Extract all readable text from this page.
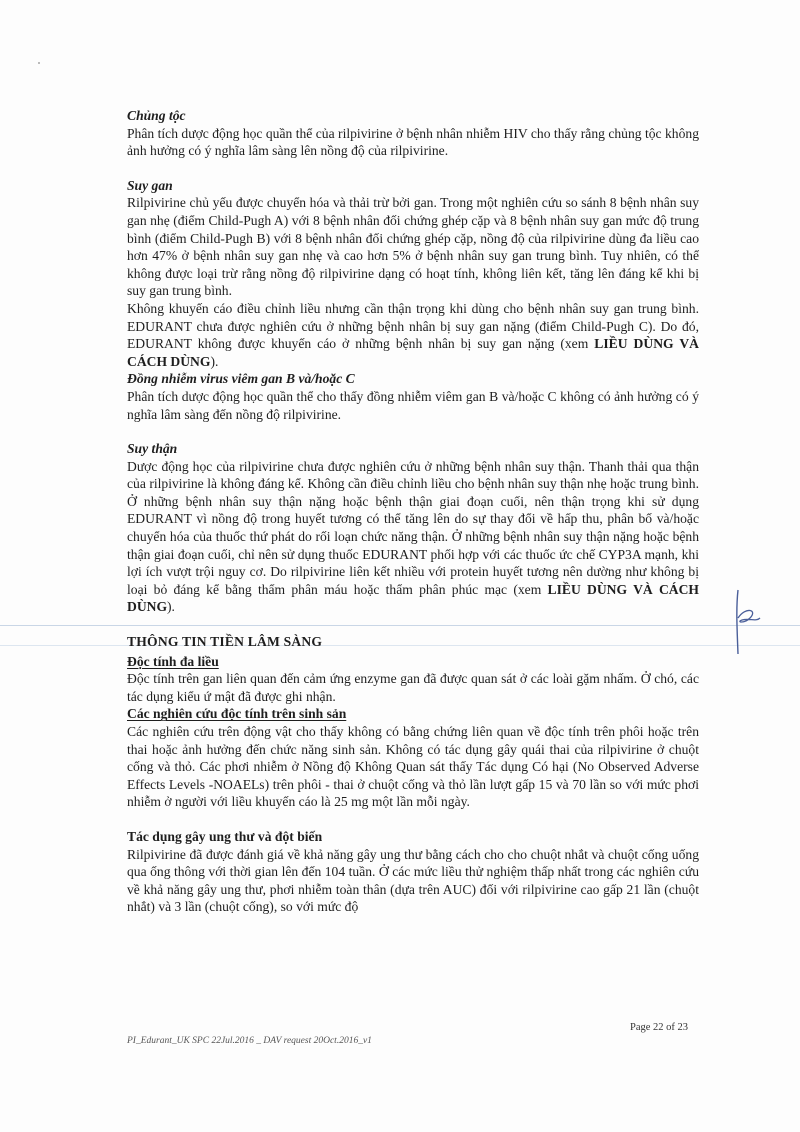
Chủng tộc

Phân tích dược động học quần thể của rilpivirine ở bệnh nhân nhiễm HIV cho thấy rằng chủng tộc không ảnh hưởng có ý nghĩa lâm sàng lên nồng độ của rilpivirine.

Suy gan

Rilpivirine chủ yếu được chuyển hóa và thải trừ bởi gan. Trong một nghiên cứu so sánh 8 bệnh nhân suy gan nhẹ (điểm Child-Pugh A) với 8 bệnh nhân đối chứng ghép cặp và 8 bệnh nhân suy gan mức độ trung bình (điểm Child-Pugh B) với 8 bệnh nhân đối chứng ghép cặp, nồng độ của rilpivirine dùng đa liều cao hơn 47% ở bệnh nhân suy gan nhẹ và cao hơn 5% ở bệnh nhân suy gan trung bình. Tuy nhiên, có thể không được loại trừ rằng nồng độ rilpivirine dạng có hoạt tính, không liên kết, tăng lên đáng kể khi bị suy gan trung bình.

Không khuyến cáo điều chỉnh liều nhưng cần thận trọng khi dùng cho bệnh nhân suy gan trung bình. EDURANT chưa được nghiên cứu ở những bệnh nhân bị suy gan nặng (điểm Child-Pugh C). Do đó, EDURANT không được khuyến cáo ở những bệnh nhân bị suy gan nặng (xem LIỀU DÙNG VÀ CÁCH DÙNG).

Đồng nhiễm virus viêm gan B và/hoặc C

Phân tích dược động học quần thể cho thấy đồng nhiễm viêm gan B và/hoặc C không có ảnh hưởng có ý nghĩa lâm sàng đến nồng độ rilpivirine.

Suy thận

Dược động học của rilpivirine chưa được nghiên cứu ở những bệnh nhân suy thận. Thanh thải qua thận của rilpivirine là không đáng kể. Không cần điều chỉnh liều cho bệnh nhân suy thận nhẹ hoặc trung bình. Ở những bệnh nhân suy thận nặng hoặc bệnh thận giai đoạn cuối, nên thận trọng khi sử dụng EDURANT vì nồng độ trong huyết tương có thể tăng lên do sự thay đổi về hấp thu, phân bố và/hoặc chuyển hóa của thuốc thứ phát do rối loạn chức năng thận. Ở những bệnh nhân suy thận nặng hoặc bệnh thận giai đoạn cuối, chỉ nên sử dụng thuốc EDURANT phối hợp với các thuốc ức chế CYP3A mạnh, khi lợi ích vượt trội nguy cơ. Do rilpivirine liên kết nhiều với protein huyết tương nên dường như không bị loại bỏ đáng kể bằng thẩm phân máu hoặc thẩm phân phúc mạc (xem LIỀU DÙNG VÀ CÁCH DÙNG).

THÔNG TIN TIỀN LÂM SÀNG

Độc tính đa liều

Độc tính trên gan liên quan đến cảm ứng enzyme gan đã được quan sát ở các loài gặm nhấm. Ở chó, các tác dụng kiểu ứ mật đã được ghi nhận.

Các nghiên cứu độc tính trên sinh sản

Các nghiên cứu trên động vật cho thấy không có bằng chứng liên quan về độc tính trên phôi hoặc trên thai hoặc ảnh hưởng đến chức năng sinh sản. Không có tác dụng gây quái thai của rilpivirine ở chuột cống và thỏ. Các phơi nhiễm ở Nồng độ Không Quan sát thấy Tác dụng Có hại (No Observed Adverse Effects Levels -NOAELs) trên phôi - thai ở chuột cống và thỏ lần lượt gấp 15 và 70 lần so với mức phơi nhiễm ở người với liều khuyến cáo là 25 mg một lần mỗi ngày.

Tác dụng gây ung thư và đột biến

Rilpivirine đã được đánh giá về khả năng gây ung thư bằng cách cho cho chuột nhắt và chuột cống uống qua ống thông với thời gian lên đến 104 tuần. Ở các mức liều thử nghiệm thấp nhất trong các nghiên cứu về khả năng gây ung thư, phơi nhiễm toàn thân (dựa trên AUC) đối với rilpivirine cao gấp 21 lần (chuột nhắt) và 3 lần (chuột cống), so với mức độ

PI_Edurant_UK SPC 22Jul.2016 _ DAV request 20Oct.2016_v1
Page 22 of 23
